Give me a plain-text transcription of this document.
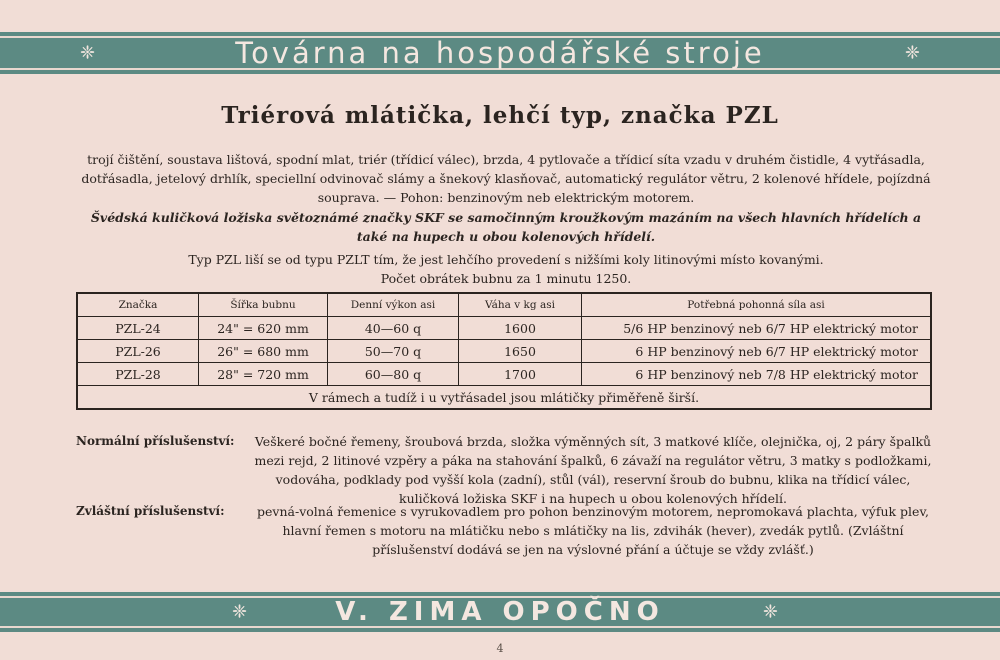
❈	Továrna na hospodářské stroje	❈
Triérová mlátička, lehčí typ, značka PZL
trojí čištění, soustava lištová, spodní mlat, triér (třídicí válec), brzda, 4 pytlovače a třídicí síta vzadu v druhém čistidle, 4 vytřásadla, dotřásadla, jetelový drhlík, speciellní odvinovač slámy a šnekový klasňovač, automatický regulátor větru, 2 kolenové hřídele, pojízdná souprava. — Pohon: benzinovým neb elektrickým motorem.
Švédská kuličková ložiska světoznámé značky SKF se samočinným kroužkovým mazáním na všech hlavních hřídelích a také na hupech u obou kolenových hřídelí.
Typ PZL liší se od typu PZLT tím, že jest lehčího provedení s nižšími koly litinovými místo kovanými.
Počet obrátek bubnu za 1 minutu 1250.
Značka	Šířka bubnu	Denní výkon asi	Váha v kg asi	Potřebná pohonná síla asi
PZL-24	24" = 620 mm	40—60 q	1600	5/6 HP benzinový neb 6/7 HP elektrický motor
PZL-26	26" = 680 mm	50—70 q	1650	6 HP benzinový neb 6/7 HP elektrický motor
PZL-28	28" = 720 mm	60—80 q	1700	6 HP benzinový neb 7/8 HP elektrický motor
V rámech a tudíž i u vytřásadel jsou mlátičky přiměřeně širší.				
Normální příslušenství:	Veškeré bočné řemeny, šroubová brzda, složka výměnných sít, 3 matkové klíče, olejnička, oj, 2 páry špalků mezi rejd, 2 litinové vzpěry a páka na stahování špalků, 6 závaží na regulátor větru, 3 matky s podložkami, vodováha, podklady pod vyšší kola (zadní), stůl (vál), reservní šroub do bubnu, klika na třídicí válec, kuličková ložiska SKF i na hupech u obou kolenových hřídelí.
Zvláštní příslušenství:	pevná-volná řemenice s vyrukovadlem pro pohon benzinovým motorem, nepromokavá plachta, výfuk plev, hlavní řemen s motoru na mlátičku nebo s mlátičky na lis, zdvihák (hever), zvedák pytlů. (Zvláštní příslušenství dodává se jen na výslovné přání a účtuje se vždy zvlášť.)
❈	V. ZIMA OPOČNO	❈
4
